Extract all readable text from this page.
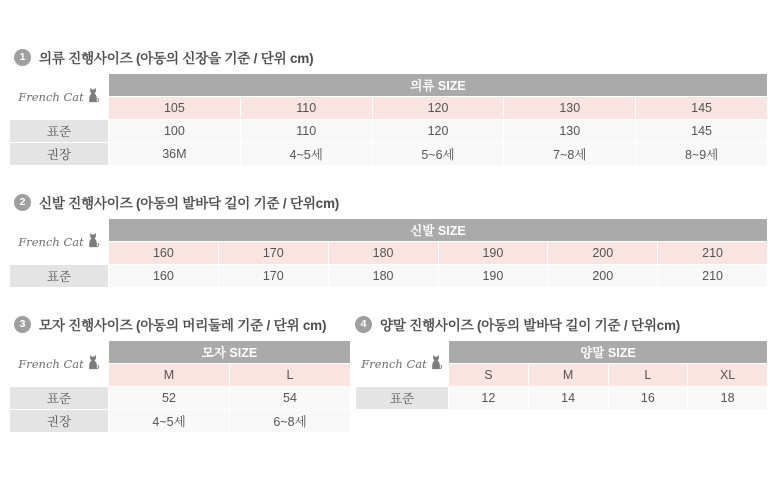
1	의류 진행사이즈 (아동의 신장을 기준 / 단위 cm)
French Cat
의류 SIZE
105	110	120	130	145
표준	100	110	120	130	145
권장	36M	4~5세	5~6세	7~8세	8~9세
2	신발 진행사이즈 (아동의 발바닥 길이 기준 / 단위cm)
French Cat
신발 SIZE
160	170	180	190	200	210
표준	160	170	180	190	200	210
3	모자 진행사이즈 (아동의 머리둘레 기준 / 단위 cm)
French Cat
모자 SIZE
M	L
표준	52	54
권장	4~5세	6~8세
4	양말 진행사이즈 (아동의 발바닥 길이 기준 / 단위cm)
French Cat
양말 SIZE
S	M	L	XL
표준	12	14	16	18
